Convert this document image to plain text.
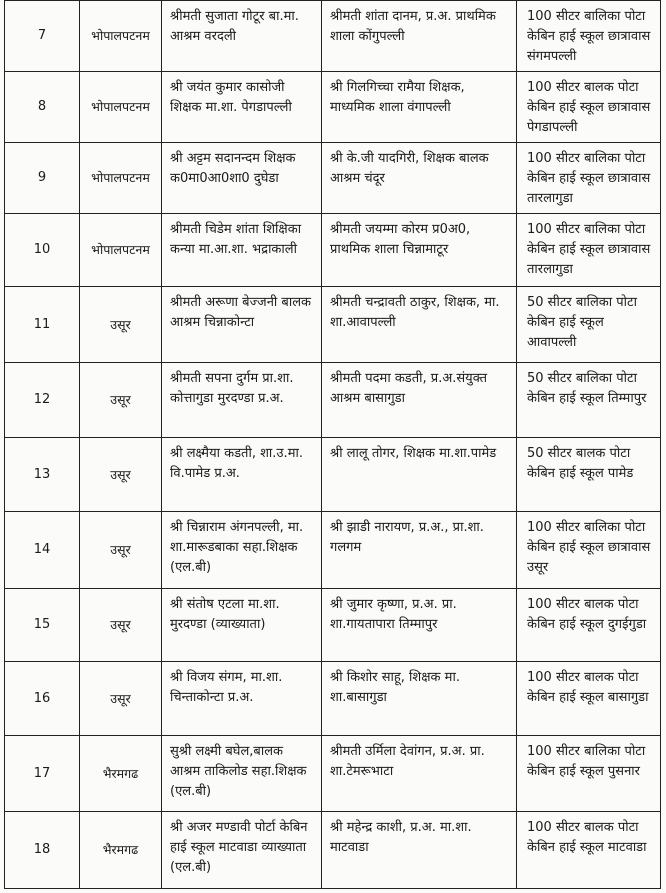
7	भोपालपटनम	श्रीमती सुजाता गोटूर बा.मा. आश्रम वरदली	श्रीमती शांता दानम, प्र.अ. प्राथमिक शाला कोंगुपल्ली	100 सीटर बालिका पोटा केबिन हाई स्कूल छात्रावास संगमपल्ली
8	भोपालपटनम	श्री जयंत कुमार कासोजी शिक्षक मा.शा. पेगडापल्ली	श्री गिलगिच्चा रामैया शिक्षक, माध्यमिक शाला वंगापल्ली	100 सीटर बालक पोटा केबिन हाई स्कूल छात्रावास पेगडापल्ली
9	भोपालपटनम	श्री अट्टम सदानन्दम शिक्षक क0मा0आ0शा0 दुघेडा	श्री के.जी यादगिरी, शिक्षक बालक आश्रम चंदूर	100 सीटर बालिका पोटा केबिन हाई स्कूल छात्रावास तारलागुडा
10	भोपालपटनम	श्रीमती चिडेम शांता शिक्षिका कन्या मा.आ.शा. भद्राकाली	श्रीमती जयम्मा कोरम प्र0अ0, प्राथमिक शाला चिन्नामाटूर	100 सीटर बालिका पोटा केबिन हाई स्कूल छात्रावास तारलागुडा
11	उसूर	श्रीमती अरूणा बेज्जनी बालक आश्रम चिन्नाकोन्टा	श्रीमती चन्द्रावती ठाकुर, शिक्षक, मा. शा.आवापल्ली	50 सीटर बालिका पोटा केबिन हाई स्कूल आवापल्ली
12	उसूर	श्रीमती सपना दुर्गम प्रा.शा. कोत्तागुडा मुरदण्डा प्र.अ.	श्रीमती पदमा कडती, प्र.अ.संयुक्त आश्रम बासागुडा	50 सीटर बालिका पोटा केबिन हाई स्कूल तिम्मापुर
13	उसूर	श्री लक्ष्मैया कडती, शा.उ.मा. वि.पामेड प्र.अ.	श्री लालू तोगर, शिक्षक मा.शा.पामेड	50 सीटर बालक पोटा केबिन हाई स्कूल पामेड
14	उसूर	श्री चिन्नाराम अंगनपल्ली, मा. शा.मारूडबाका सहा.शिक्षक (एल.बी)	श्री झाडी नारायण, प्र.अ., प्रा.शा. गलगम	100 सीटर बालिका पोटा केबिन हाई स्कूल छात्रावास उसूर
15	उसूर	श्री संतोष एटला मा.शा. मुरदण्डा (व्याख्याता)	श्री जुमार कृष्णा, प्र.अ. प्रा. शा.गायतापारा तिम्मापुर	100 सीटर बालक पोटा केबिन हाई स्कूल दुगईगुडा
16	उसूर	श्री विजय संगम, मा.शा. चिन्ताकोन्टा प्र.अ.	श्री किशोर साहू, शिक्षक मा. शा.बासागुडा	100 सीटर बालक पोटा केबिन हाई स्कूल बासागुडा
17	भैरमगढ	सुश्री लक्ष्मी बघेल,बालक आश्रम ताकिलोड सहा.शिक्षक (एल.बी)	श्रीमती उर्मिला देवांगन, प्र.अ. प्रा. शा.टेमरूभाटा	100 सीटर बालिका पोटा केबिन हाई स्कूल पुसनार
18	भैरमगढ	श्री अजर मण्डावी पोर्टा केबिन हाई स्कूल माटवाडा व्याख्याता (एल.बी)	श्री महेन्द्र काशी, प्र.अ. मा.शा. माटवाडा	100 सीटर बालक पोटा केबिन हाई स्कूल माटवाडा
